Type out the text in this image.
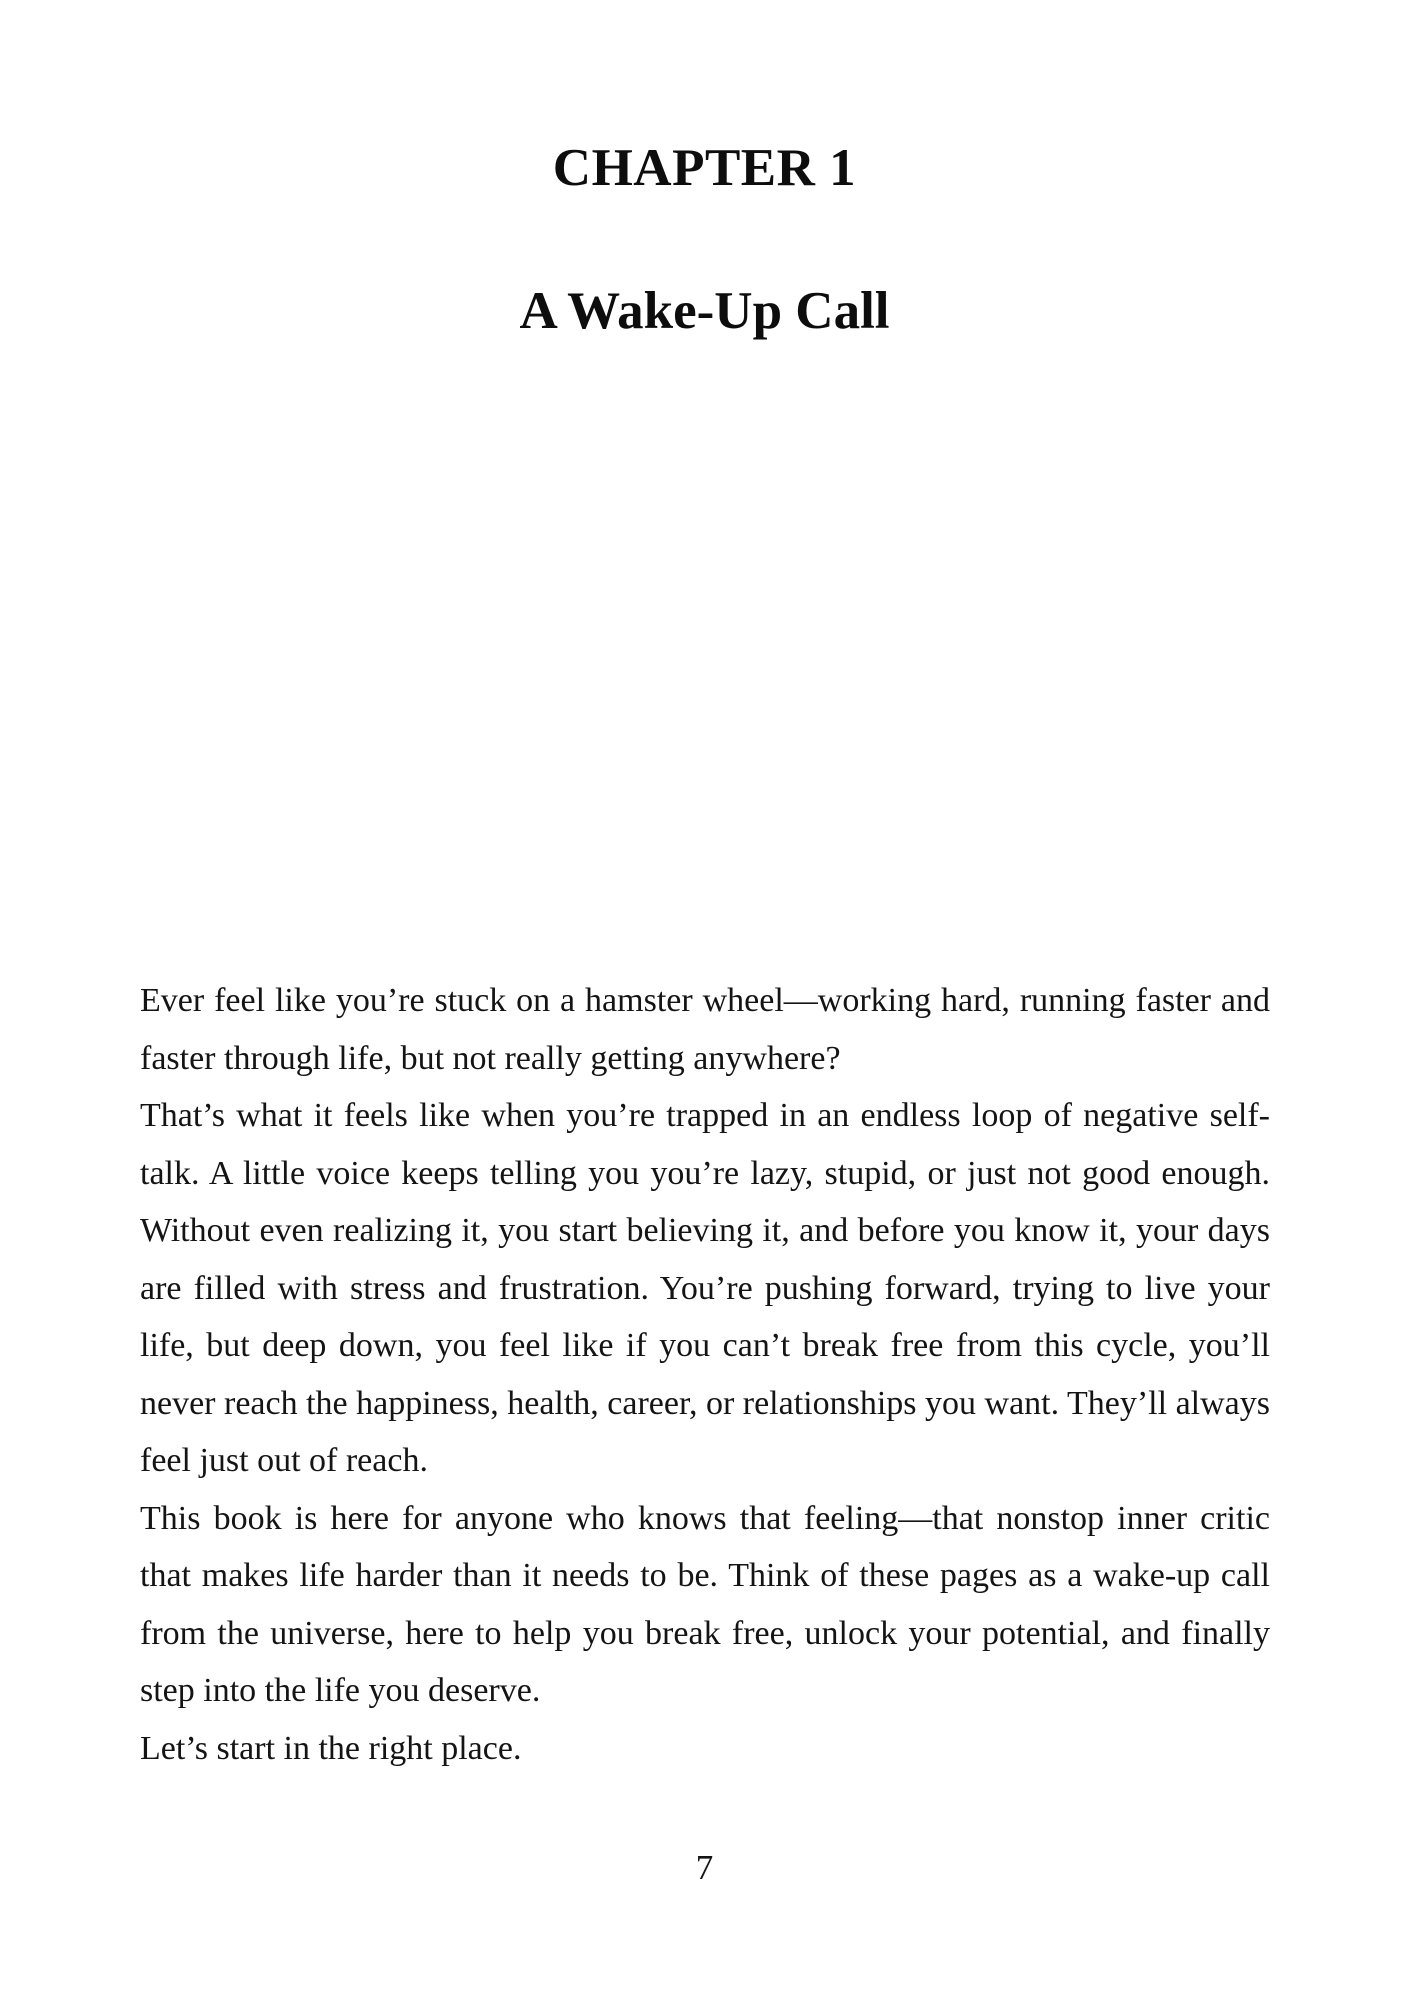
CHAPTER 1
A Wake-Up Call

Ever feel like you’re stuck on a hamster wheel—working hard, running faster and faster through life, but not really getting anywhere?

That’s what it feels like when you’re trapped in an endless loop of negative self-talk. A little voice keeps telling you you’re lazy, stupid, or just not good enough. Without even realizing it, you start believing it, and before you know it, your days are filled with stress and frustration. You’re pushing forward, trying to live your life, but deep down, you feel like if you can’t break free from this cycle, you’ll never reach the happiness, health, career, or relationships you want. They’ll always feel just out of reach.

This book is here for anyone who knows that feeling—that nonstop inner critic that makes life harder than it needs to be. Think of these pages as a wake-up call from the universe, here to help you break free, unlock your potential, and finally step into the life you deserve.

Let’s start in the right place.

7
